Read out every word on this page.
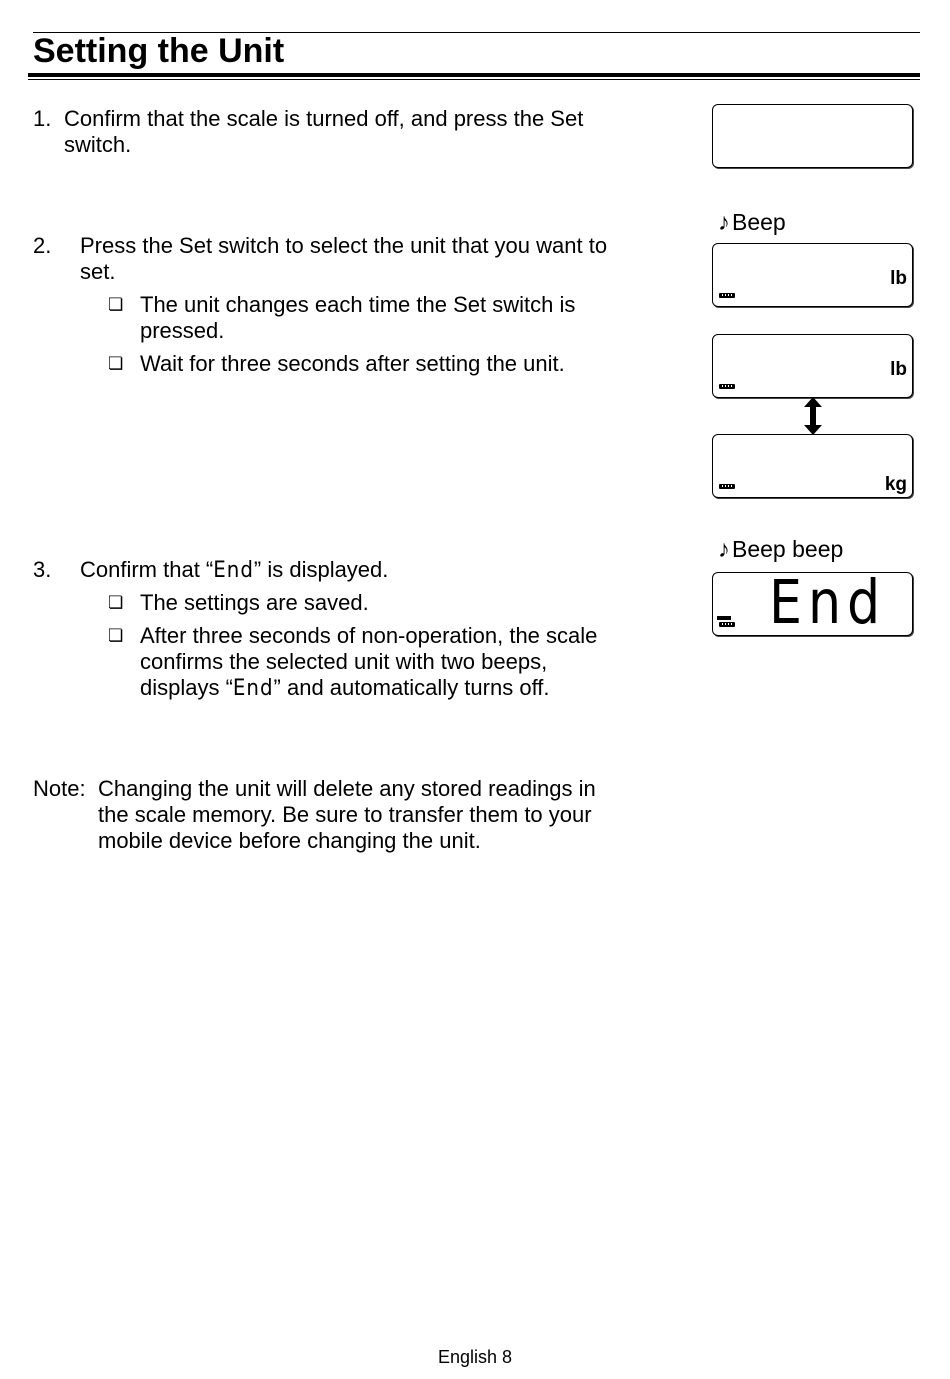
Setting the Unit
1. Confirm that the scale is turned off, and press the Set
switch.
2. Press the Set switch to select the unit that you want to
set.
❏ The unit changes each time the Set switch is
pressed.
❏ Wait for three seconds after setting the unit.
3. Confirm that “End” is displayed.
❏ The settings are saved.
❏ After three seconds of non-operation, the scale
confirms the selected unit with two beeps,
displays “End” and automatically turns off.
Note: Changing the unit will delete any stored readings in
the scale memory. Be sure to transfer them to your
mobile device before changing the unit.
♪Beep
lb
lb
kg
♪Beep beep
End
English 8
